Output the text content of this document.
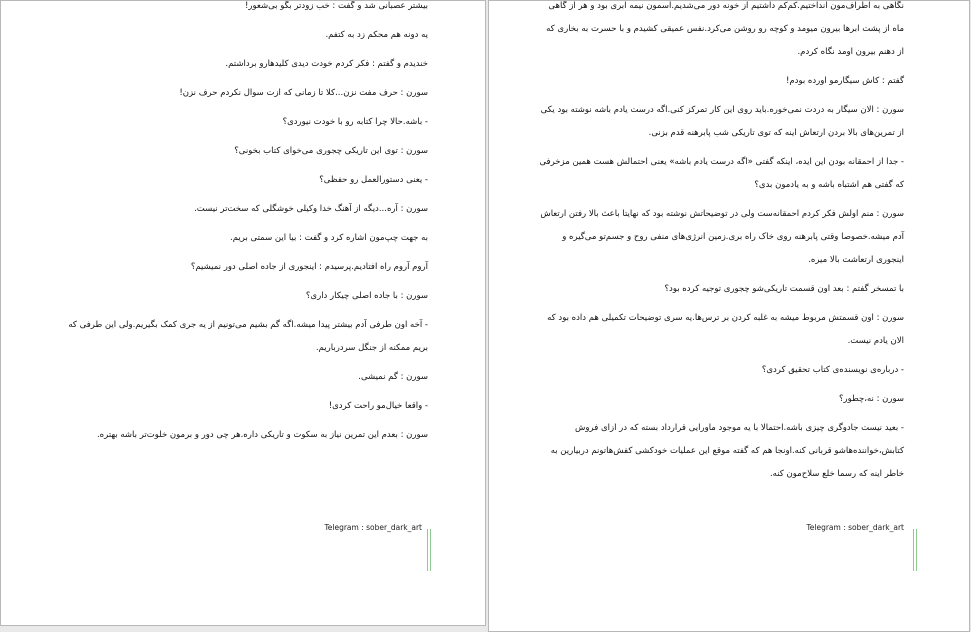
بیشتر عصبانی شد و گفت : خب زودتر بگو بی‌شعور!

یه دونه هم محکم زد به کتفم.

خندیدم و گفتم : فکر کردم خودت دیدی کلیدهارو برداشتم.

سورن : حرف مفت نزن...کلا تا زمانی که ازت سوال نکردم حرف نزن!

- باشه.حالا چرا کتابه رو با خودت نیوردی؟

سورن : توی این تاریکی چجوری می‌خوای کتاب بخونی؟

- یعنی دستورالعمل رو حفظی؟

سورن : آره...دیگه از آهنگ خدا وکیلی خوشگلی که سخت‌تر نیست.

به جهت چپ‌مون اشاره کرد و گفت : بیا این سمتی بریم.

آروم آروم راه افتادیم.پرسیدم : اینجوری از جاده اصلی دور نمیشیم؟

سورن : با جاده اصلی چیکار داری؟

- آخه اون طرفی آدم بیشتر پیدا میشه.اگه گم بشیم می‌تونیم از یه جری کمک بگیریم.ولی این طرفی که بریم ممکنه از جنگل سردرباریم.

سورن : گم نمیشی.

- واقعا خیال‌مو راحت کردی!

سورن : بعدم این تمرین نیاز به سکوت و تاریکی داره.هر چی دور و برمون خلوت‌تر باشه بهتره.

Telegram : sober_dark_art

نگاهی به اطراف‌مون انداختیم.کم‌کم داشتیم از خونه دور می‌شدیم.آسمون نیمه ابری بود و هر از گاهی ماه از پشت ابرها بیرون میومد و کوچه رو روشن می‌کرد.نفس عمیقی کشیدم و با حسرت به بخاری که از دهنم بیرون اومد نگاه کردم.

گفتم : کاش سیگارمو اورده بودم!

سورن : الان سیگار به دردت نمی‌خوره.باید روی این کار تمرکز کنی.اگه درست یادم باشه نوشته بود یکی از تمرین‌های بالا بردن ارتعاش اینه که توی تاریکی شب پابرهنه قدم بزنی.

- جدا از احمقانه بودن این ایده، اینکه گفتی «اگه درست یادم باشه» یعنی احتمالش هست همین مزخرفی که گفتی هم اشتباه باشه و به یادمون بدی؟

سورن : منم اولش فکر کردم احمقانه‌ست ولی در توضیحاتش نوشته بود که نهایتا باعث بالا رفتن ارتعاش آدم میشه.خصوصا وقتی پابرهنه روی خاک راه بری.زمین انرژی‌های منفی روح و جسم‌تو می‌گیره و اینجوری ارتعاشت بالا میره.

با تمسخر گفتم : بعد اون قسمت تاریکی‌شو چجوری توجیه کرده بود؟

سورن : اون قسمتش مربوط میشه به غلبه کردن بر ترس‌ها.یه سری توضیحات تکمیلی هم داده بود که الان یادم نیست.

- درباره‌ی نویسنده‌ی کتاب تحقیق کردی؟

سورن : نه،چطور؟

- بعید نیست جادوگری چیزی باشه.احتمالا با یه موجود ماورایی قرارداد بسته که در ازای فروش کتابش،خواننده‌هاشو قربانی کنه.اونجا هم که گفته موقع این عملیات خودکشی کفش‌هاتونم دربیارین به خاطر اینه که رسما خلع سلاح‌مون کنه.

Telegram : sober_dark_art
